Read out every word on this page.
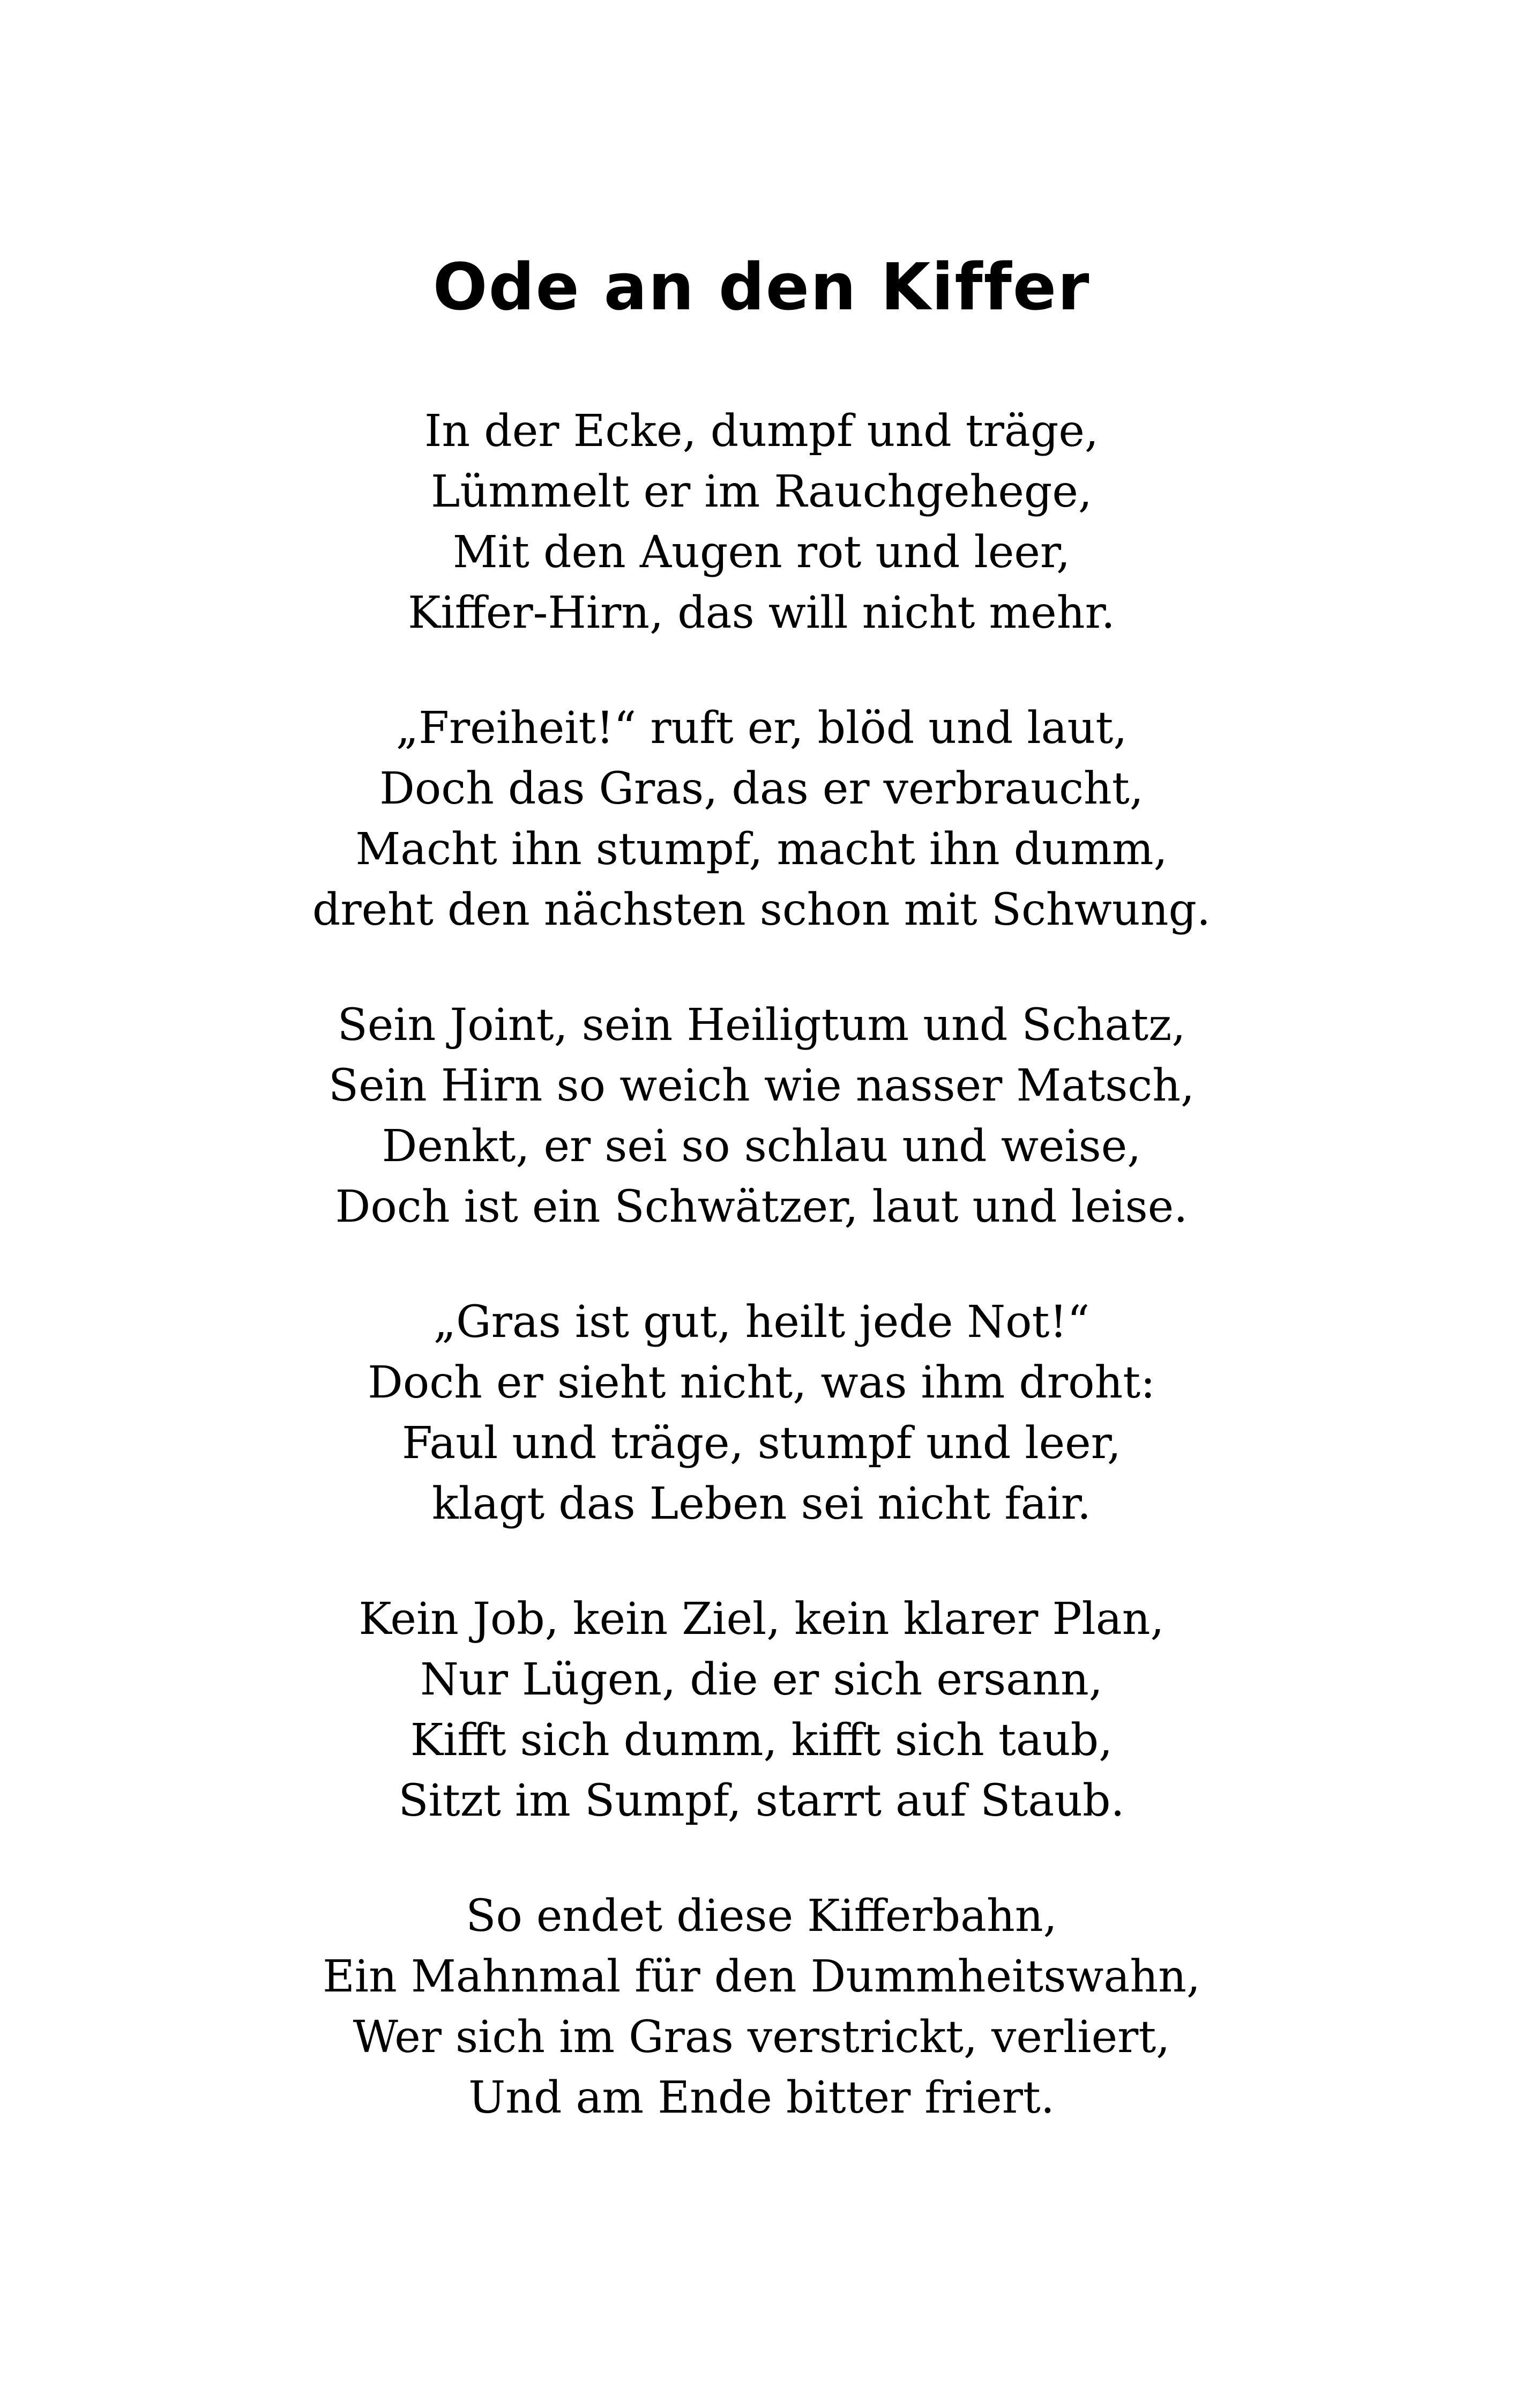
Ode an den Kiffer
In der Ecke, dumpf und träge,
Lümmelt er im Rauchgehege,
Mit den Augen rot und leer,
Kiffer-Hirn, das will nicht mehr.
„Freiheit!“ ruft er, blöd und laut,
Doch das Gras, das er verbraucht,
Macht ihn stumpf, macht ihn dumm,
dreht den nächsten schon mit Schwung.
Sein Joint, sein Heiligtum und Schatz,
Sein Hirn so weich wie nasser Matsch,
Denkt, er sei so schlau und weise,
Doch ist ein Schwätzer, laut und leise.
„Gras ist gut, heilt jede Not!“
Doch er sieht nicht, was ihm droht:
Faul und träge, stumpf und leer,
klagt das Leben sei nicht fair.
Kein Job, kein Ziel, kein klarer Plan,
Nur Lügen, die er sich ersann,
Kifft sich dumm, kifft sich taub,
Sitzt im Sumpf, starrt auf Staub.
So endet diese Kifferbahn,
Ein Mahnmal für den Dummheitswahn,
Wer sich im Gras verstrickt, verliert,
Und am Ende bitter friert.
